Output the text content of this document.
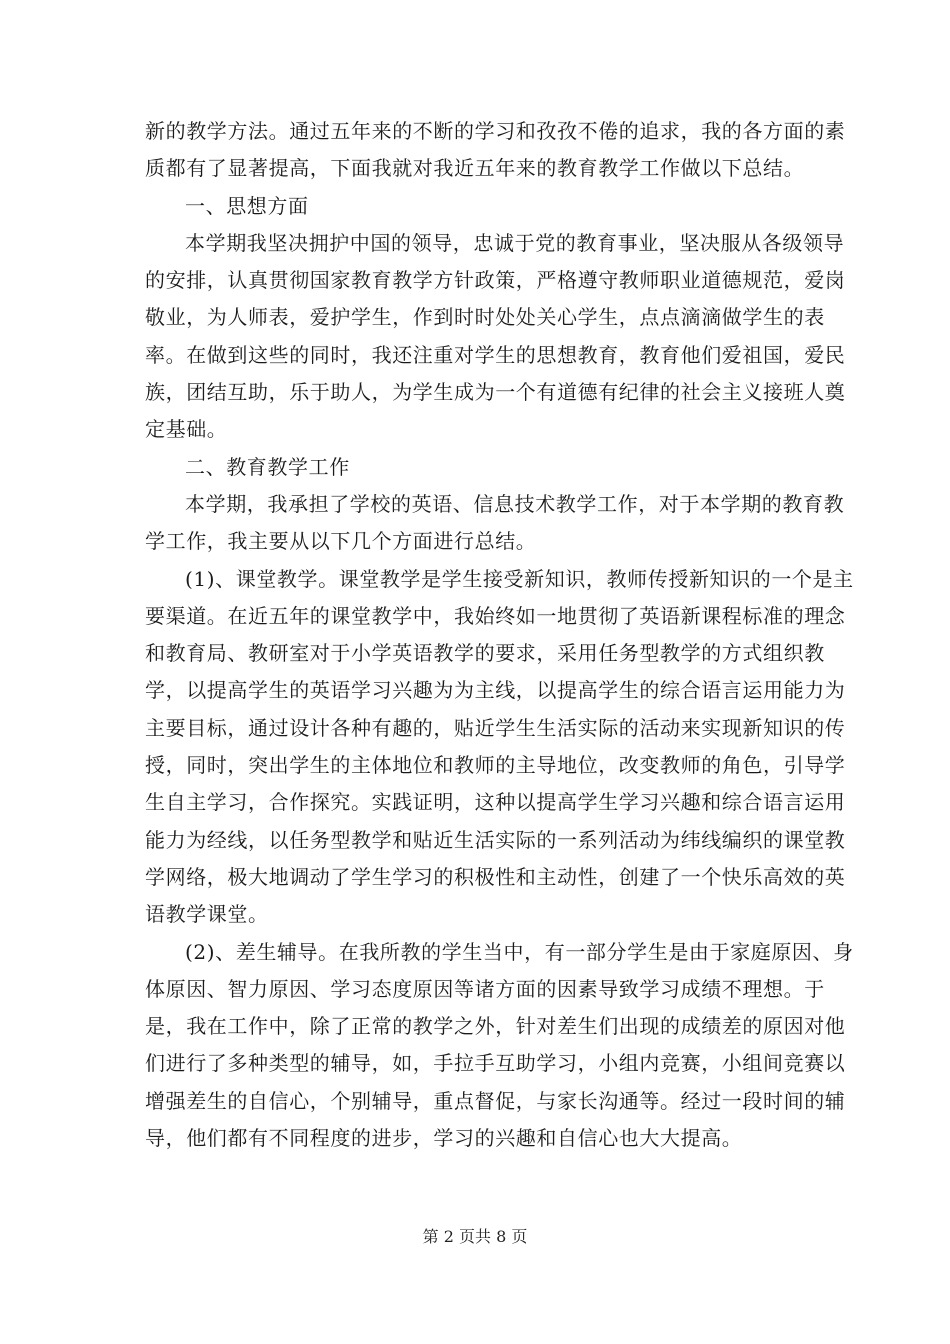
新的教学方法。通过五年来的不断的学习和孜孜不倦的追求，我的各方面的素
质都有了显著提高，下面我就对我近五年来的教育教学工作做以下总结。
一、思想方面
本学期我坚决拥护中国的领导，忠诚于党的教育事业，坚决服从各级领导
的安排，认真贯彻国家教育教学方针政策，严格遵守教师职业道德规范，爱岗
敬业，为人师表，爱护学生，作到时时处处关心学生，点点滴滴做学生的表
率。在做到这些的同时，我还注重对学生的思想教育，教育他们爱祖国，爱民
族，团结互助，乐于助人，为学生成为一个有道德有纪律的社会主义接班人奠
定基础。
二、教育教学工作
本学期，我承担了学校的英语、信息技术教学工作，对于本学期的教育教
学工作，我主要从以下几个方面进行总结。
(1)、课堂教学。课堂教学是学生接受新知识，教师传授新知识的一个是主
要渠道。在近五年的课堂教学中，我始终如一地贯彻了英语新课程标准的理念
和教育局、教研室对于小学英语教学的要求，采用任务型教学的方式组织教
学，以提高学生的英语学习兴趣为为主线，以提高学生的综合语言运用能力为
主要目标，通过设计各种有趣的，贴近学生生活实际的活动来实现新知识的传
授，同时，突出学生的主体地位和教师的主导地位，改变教师的角色，引导学
生自主学习，合作探究。实践证明，这种以提高学生学习兴趣和综合语言运用
能力为经线，以任务型教学和贴近生活实际的一系列活动为纬线编织的课堂教
学网络，极大地调动了学生学习的积极性和主动性，创建了一个快乐高效的英
语教学课堂。
(2)、差生辅导。在我所教的学生当中，有一部分学生是由于家庭原因、身
体原因、智力原因、学习态度原因等诸方面的因素导致学习成绩不理想。于
是，我在工作中，除了正常的教学之外，针对差生们出现的成绩差的原因对他
们进行了多种类型的辅导，如，手拉手互助学习，小组内竞赛，小组间竞赛以
增强差生的自信心，个别辅导，重点督促，与家长沟通等。经过一段时间的辅
导，他们都有不同程度的进步，学习的兴趣和自信心也大大提高。
第 2 页共 8 页
